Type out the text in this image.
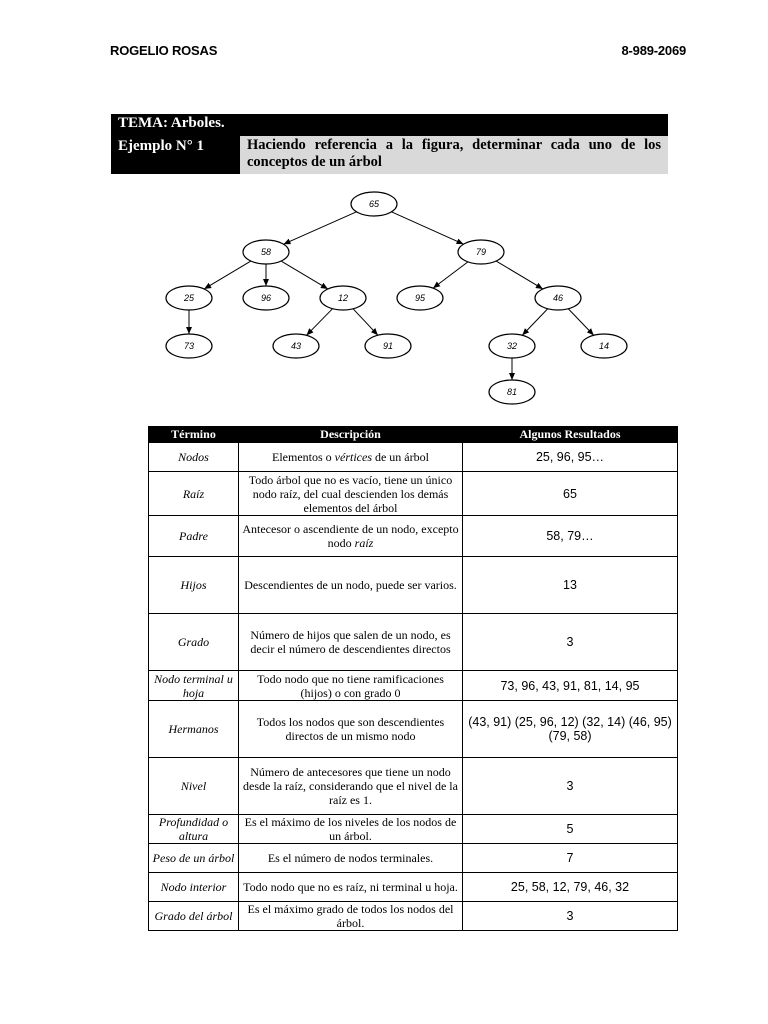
ROGELIO ROSAS	8-989-2069
TEMA: Arboles.
Ejemplo N° 1	Haciendo referencia a la figura, determinar cada uno de los conceptos de un árbol
65
58	79
25	96	12	95	46
73	43	91	32	14
81
Término	Descripción	Algunos Resultados
Nodos	Elementos o vértices de un árbol	25, 96, 95…
Raíz	Todo árbol que no es vacío, tiene un único nodo raíz, del cual descienden los demás elementos del árbol	65
Padre	Antecesor o ascendiente de un nodo, excepto nodo raíz	58, 79…
Hijos	Descendientes de un nodo, puede ser varios.	13
Grado	Número de hijos que salen de un nodo, es decir el número de descendientes directos	3
Nodo terminal u hoja	Todo nodo que no tiene ramificaciones (hijos) o con grado 0	73, 96, 43, 91, 81, 14, 95
Hermanos	Todos los nodos que son descendientes directos de un mismo nodo	(43, 91) (25, 96, 12) (32, 14) (46, 95) (79, 58)
Nivel	Número de antecesores que tiene un nodo desde la raíz, considerando que el nivel de la raíz es 1.	3
Profundidad o altura	Es el máximo de los niveles de los nodos de un árbol.	5
Peso de un árbol	Es el número de nodos terminales.	7
Nodo interior	Todo nodo que no es raíz, ni terminal u hoja.	25, 58, 12, 79, 46, 32
Grado del árbol	Es el máximo grado de todos los nodos del árbol.	3
